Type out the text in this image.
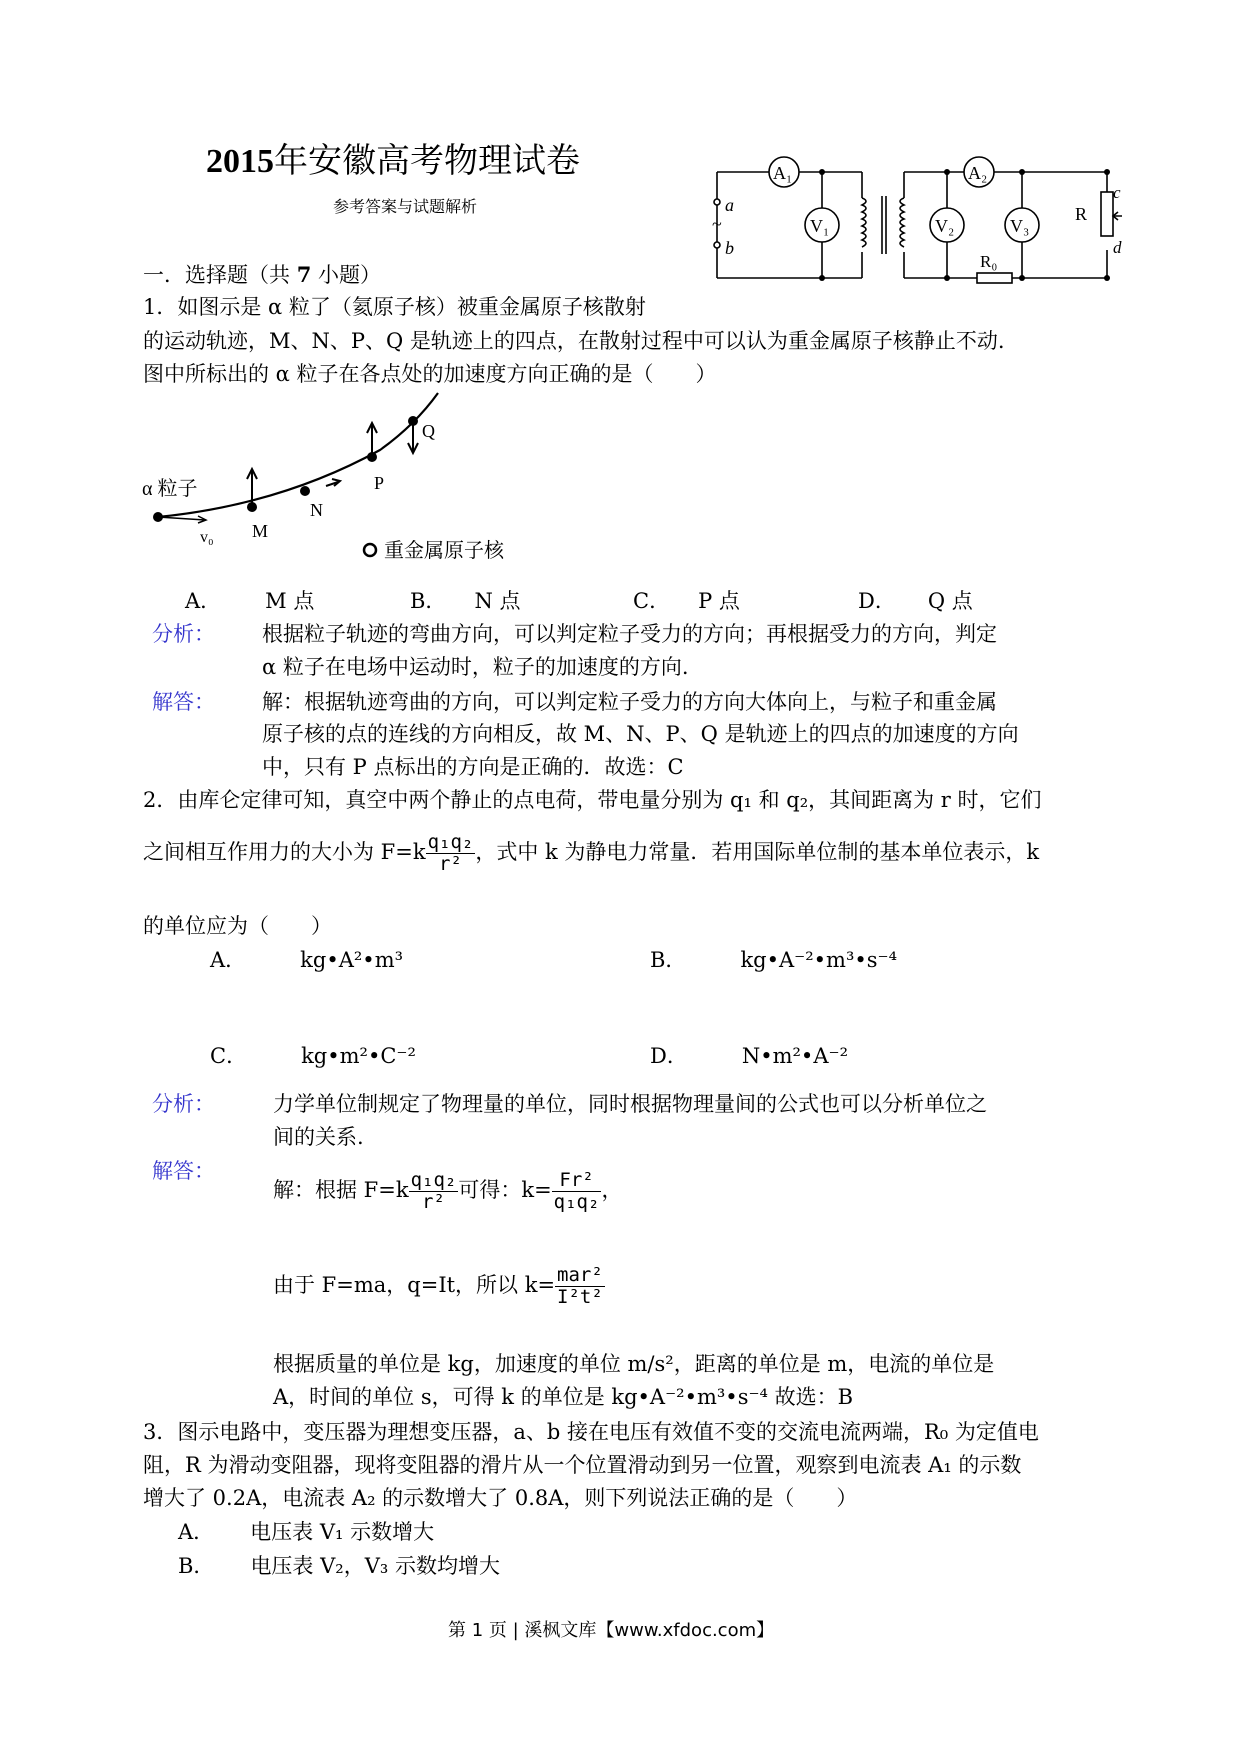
2015年安徽高考物理试卷
参考答案与试题解析
A₁	A₂
V₁	V₂	V₃
R
R₀
a
b
~
c
d
一．选择题（共 7 小题）
1．如图示是 α 粒了（氦原子核）被重金属原子核散射
的运动轨迹，M、N、P、Q 是轨迹上的四点，在散射过程中可以认为重金属原子核静止不动.
图中所标出的 α 粒子在各点处的加速度方向正确的是（　　）
α 粒子
v₀ M
N
P
Q
重金属原子核
A． M 点	B． N 点	C． P 点	D． Q 点
分析： 根据粒子轨迹的弯曲方向，可以判定粒子受力的方向；再根据受力的方向，判定
α 粒子在电场中运动时，粒子的加速度的方向.
解答： 解：根据轨迹弯曲的方向，可以判定粒子受力的方向大体向上，与粒子和重金属
原子核的点的连线的方向相反，故 M、N、P、Q 是轨迹上的四点的加速度的方向
中，只有 P 点标出的方向是正确的．故选：C
2．由库仑定律可知，真空中两个静止的点电荷，带电量分别为 q₁ 和 q₂，其间距离为 r 时，它们
之间相互作用力的大小为 $F=k \frac{\text{q₁q₂}}{\text{r²}}$ ，式中 k 为静电力常量．若用国际单位制的基本单位表示，k
的单位应为（　　）
A．	kg•A²•m³	B．	kg•A⁻²•m³•s⁻⁴
C．	kg•m²•C⁻²	D．	N•m²•A⁻²
分析：	力学单位制规定了物理量的单位，同时根据物理量间的公式也可以分析单位之
间的关系.
解答：
解：根据 $F=k \frac{\text{q₁q₂}}{\text{r²}}$ 可得：$k= \frac{\text{Fr²}}{\text{q₁q₂}}$ ，
由于 F=ma，q=It，所以 $k= \frac{\text{mar²}}{\text{I²t²}}$
根据质量的单位是 kg，加速度的单位 m/s²，距离的单位是 m，电流的单位是
A，时间的单位 s，可得 k 的单位是 kg•A⁻²•m³•s⁻⁴ 故选：B
3．图示电路中，变压器为理想变压器，a、b 接在电压有效值不变的交流电流两端，R₀ 为定值电
阻，R 为滑动变阻器，现将变阻器的滑片从一个位置滑动到另一位置，观察到电流表 A₁ 的示数
增大了 0.2A，电流表 A₂ 的示数增大了 0.8A，则下列说法正确的是（　　）
A． 电压表 V₁ 示数增大
B． 电压表 V₂，V₃ 示数均增大
第 1 页 | 溪枫文库【www.xfdoc.com】
